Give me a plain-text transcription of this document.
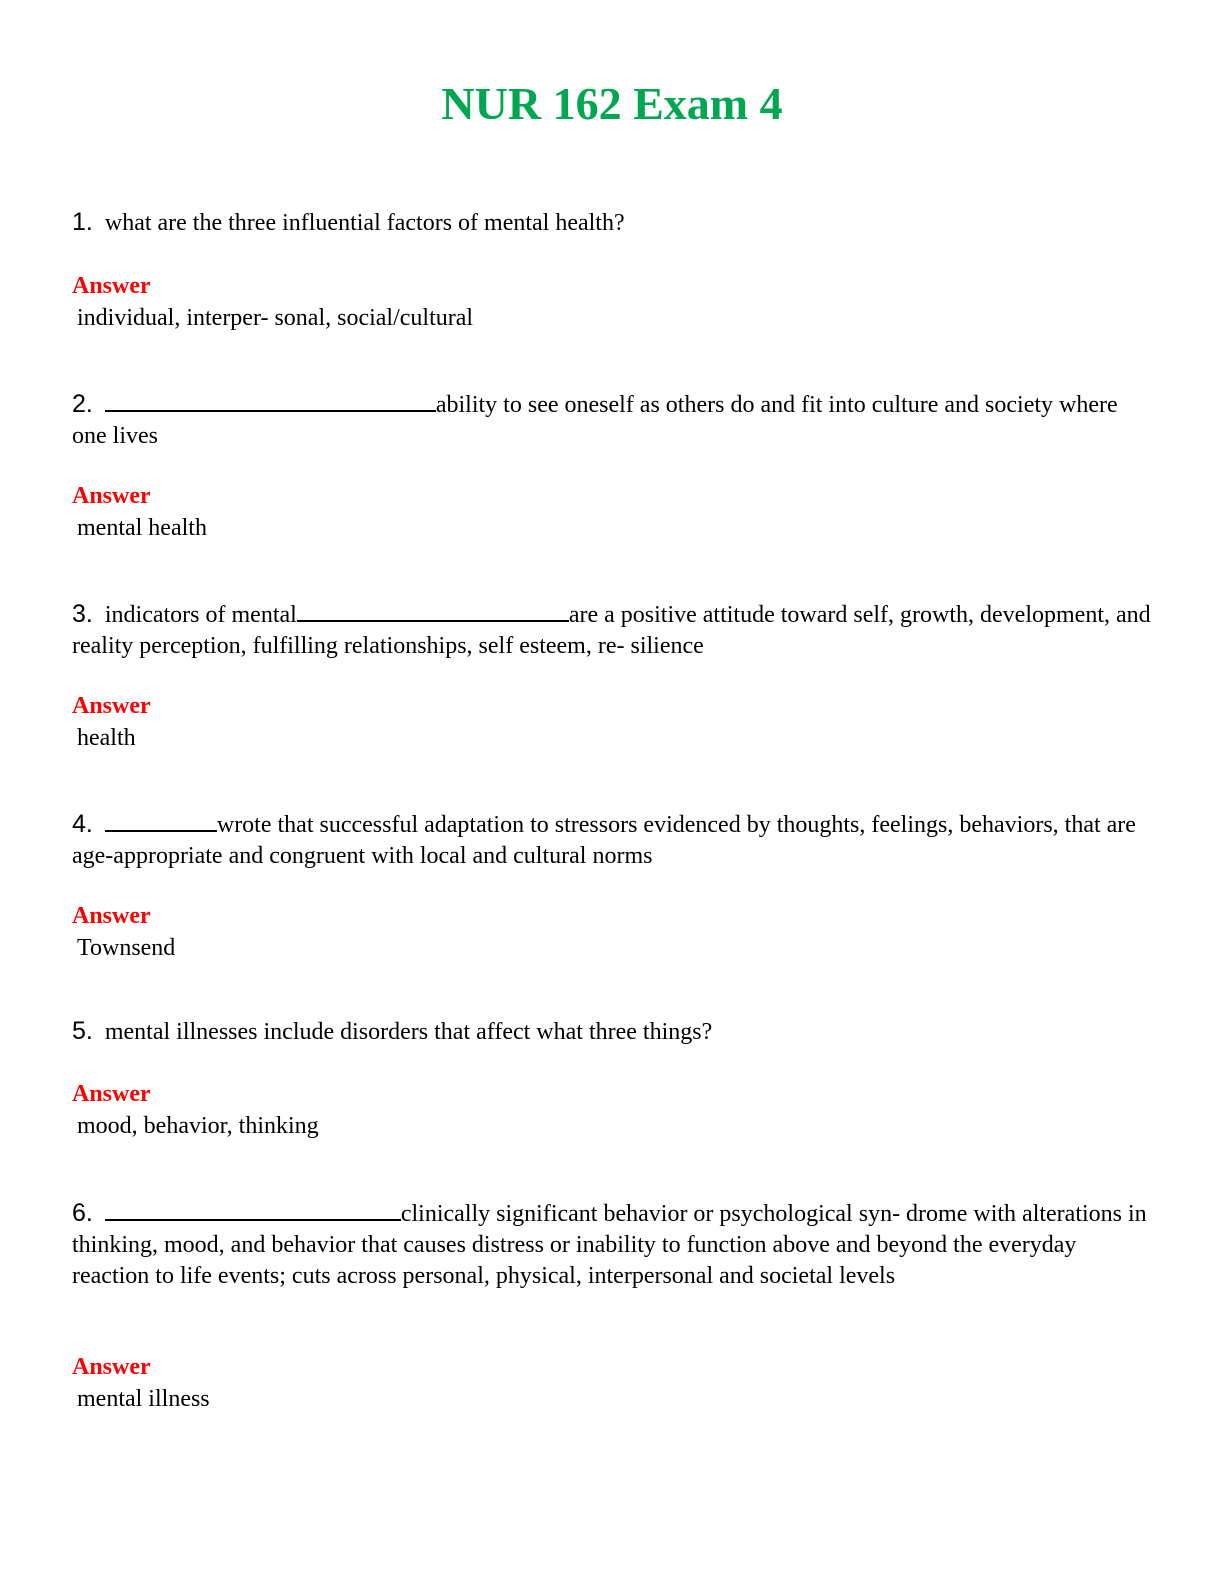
NUR 162 Exam 4
1. what are the three influential factors of mental health?
Answer
individual, interper- sonal, social/cultural
2.	ability to see oneself as others do and fit into culture and society where one lives
Answer
mental health
3. indicators of mental	are a positive attitude toward self, growth, development, and reality perception, fulfilling relationships, self esteem, re- silience
Answer
health
4.	wrote that successful adaptation to stressors evidenced by thoughts, feelings, behaviors, that are age-appropriate and congruent with local and cultural norms
Answer
Townsend
5. mental illnesses include disorders that affect what three things?
Answer
mood, behavior, thinking
6.	clinically significant behavior or psychological syn- drome with alterations in thinking, mood, and behavior that causes distress or inability to function above and beyond the everyday reaction to life events; cuts across personal, physical, interpersonal and societal levels
Answer
mental illness
